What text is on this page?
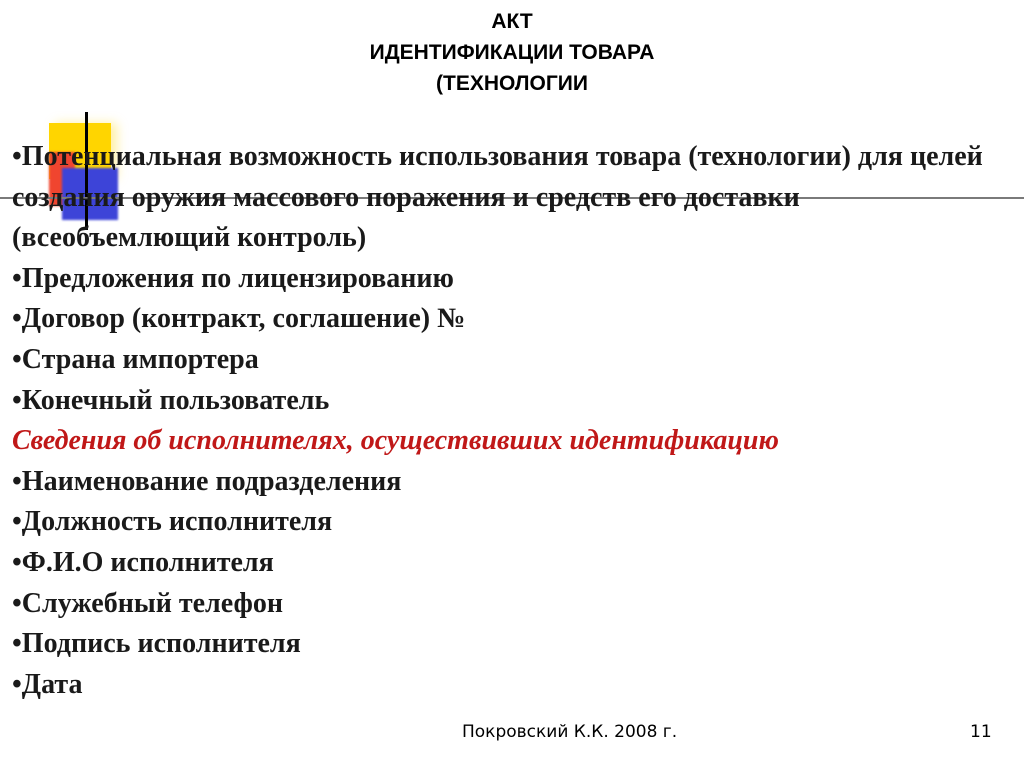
АКТ
ИДЕНТИФИКАЦИИ ТОВАРА
(ТЕХНОЛОГИИ
•Потенциальная возможность использования товара (технологии) для целей создания оружия массового поражения и средств его доставки (всеобъемлющий контроль)
•Предложения по лицензированию
•Договор (контракт, соглашение) №
•Страна импортера
•Конечный пользователь
Сведения об исполнителях, осуществивших идентификацию
•Наименование подразделения
•Должность исполнителя
•Ф.И.О исполнителя
•Служебный телефон
•Подпись исполнителя
•Дата
Покровский К.К. 2008 г.	11
